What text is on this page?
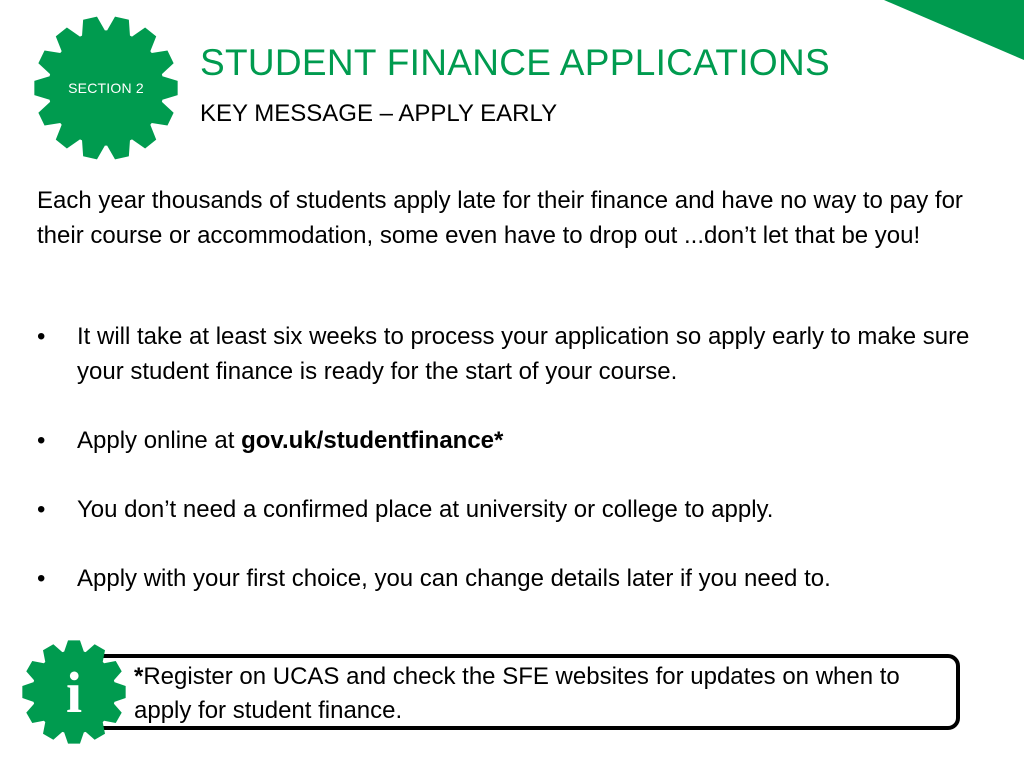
SECTION 2
STUDENT FINANCE APPLICATIONS
KEY MESSAGE – APPLY EARLY
Each year thousands of students apply late for their finance and have no way to pay for their course or accommodation, some even have to drop out ...don’t let that be you!
• It will take at least six weeks to process your application so apply early to make sure your student finance is ready for the start of your course.
• Apply online at gov.uk/studentfinance*
• You don’t need a confirmed place at university or college to apply.
• Apply with your first choice, you can change details later if you need to.
*Register on UCAS and check the SFE websites for updates on when to apply for student finance.
i
